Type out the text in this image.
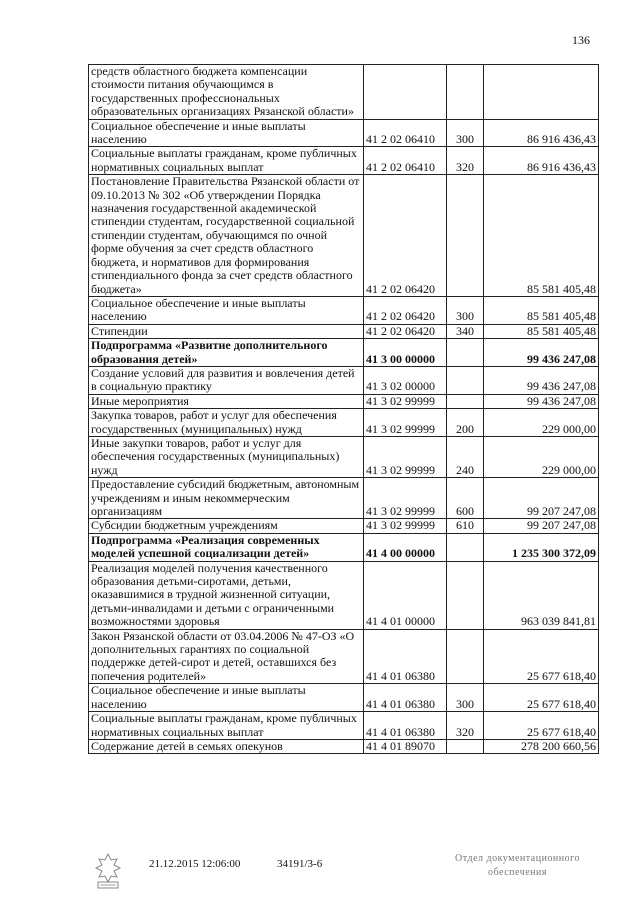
136
средств областного бюджета компенсации стоимости питания обучающимся в государственных профессиональных образовательных организациях Рязанской области»			
Социальное обеспечение и иные выплаты населению	41 2 02 06410	300	86 916 436,43
Социальные выплаты гражданам, кроме публичных нормативных социальных выплат	41 2 02 06410	320	86 916 436,43
Постановление Правительства Рязанской области от 09.10.2013 № 302 «Об утверждении Порядка назначения государственной академической стипендии студентам, государственной социальной стипендии студентам, обучающимся по очной форме обучения за счет средств областного бюджета, и нормативов для формирования стипендиального фонда за счет средств областного бюджета»	41 2 02 06420		85 581 405,48
Социальное обеспечение и иные выплаты населению	41 2 02 06420	300	85 581 405,48
Стипендии	41 2 02 06420	340	85 581 405,48
Подпрограмма «Развитие дополнительного образования детей»	41 3 00 00000		99 436 247,08
Создание условий для развития и вовлечения детей в социальную практику	41 3 02 00000		99 436 247,08
Иные мероприятия	41 3 02 99999		99 436 247,08
Закупка товаров, работ и услуг для обеспечения государственных (муниципальных) нужд	41 3 02 99999	200	229 000,00
Иные закупки товаров, работ и услуг для обеспечения государственных (муниципальных) нужд	41 3 02 99999	240	229 000,00
Предоставление субсидий бюджетным, автономным учреждениям и иным некоммерческим организациям	41 3 02 99999	600	99 207 247,08
Субсидии бюджетным учреждениям	41 3 02 99999	610	99 207 247,08
Подпрограмма «Реализация современных моделей успешной социализации детей»	41 4 00 00000		1 235 300 372,09
Реализация моделей получения качественного образования детьми-сиротами, детьми, оказавшимися в трудной жизненной ситуации, детьми-инвалидами и детьми с ограниченными возможностями здоровья	41 4 01 00000		963 039 841,81
Закон Рязанской области от 03.04.2006 № 47-ОЗ «О дополнительных гарантиях по социальной поддержке детей-сирот и детей, оставшихся без попечения родителей»	41 4 01 06380		25 677 618,40
Социальное обеспечение и иные выплаты населению	41 4 01 06380	300	25 677 618,40
Социальные выплаты гражданам, кроме публичных нормативных социальных выплат	41 4 01 06380	320	25 677 618,40
Содержание детей в семьях опекунов	41 4 01 89070		278 200 660,56
21.12.2015 12:06:00	34191/3-6	Отдел документационного
обеспечения
